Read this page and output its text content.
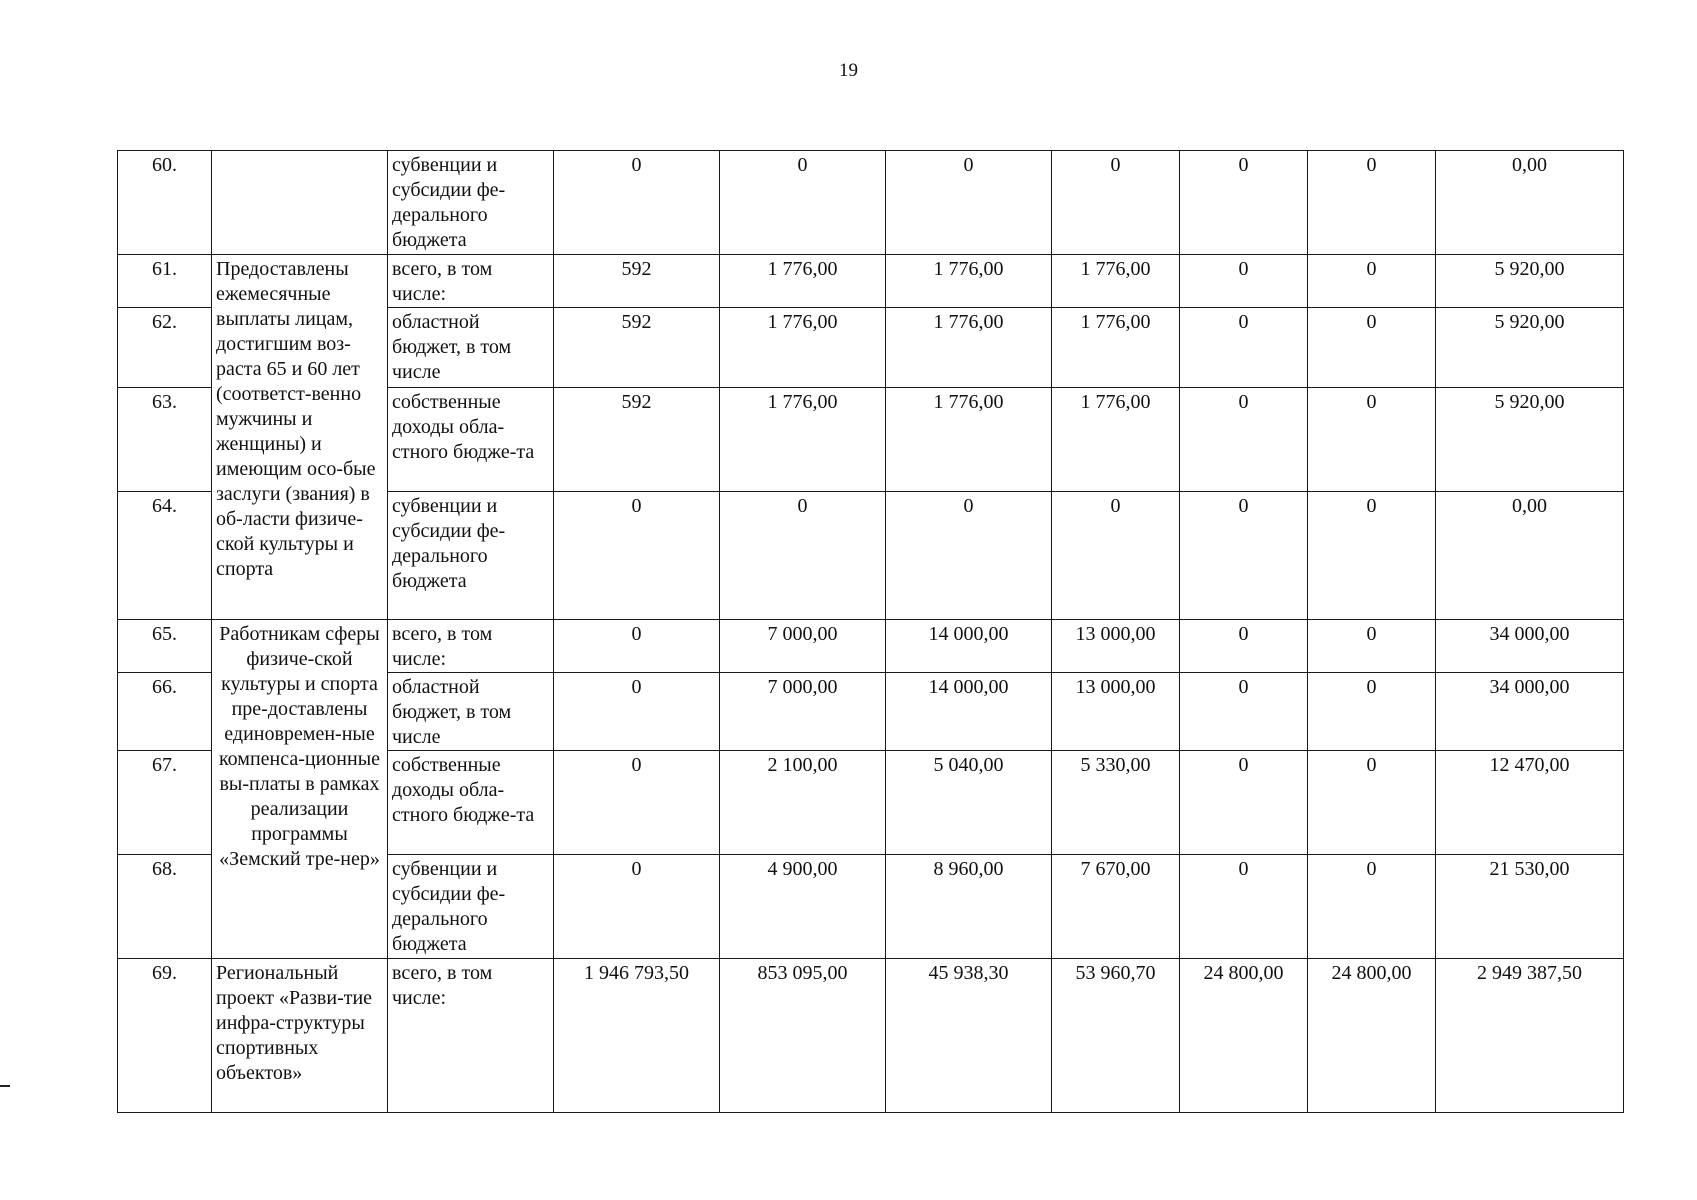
19
60.		субвенции и субсидии фе-дерального бюджета	0	0	0	0	0	0	0,00
61.	Предоставлены ежемесячные выплаты лицам, достигшим воз-раста 65 и 60 лет (соответст-венно мужчины и женщины) и имеющим осо-бые заслуги (звания) в об-ласти физиче-ской культуры и спорта	всего, в том числе:	592	1 776,00	1 776,00	1 776,00	0	0	5 920,00
62.		областной бюджет, в том числе	592	1 776,00	1 776,00	1 776,00	0	0	5 920,00
63.		собственные доходы обла-стного бюдже-та	592	1 776,00	1 776,00	1 776,00	0	0	5 920,00
64.		субвенции и субсидии фе-дерального бюджета	0	0	0	0	0	0	0,00
65.	Работникам сферы физиче-ской культуры и спорта пре-доставлены единовремен-ные компенса-ционные вы-платы в рамках реализации программы «Земский тре-нер»	всего, в том числе:	0	7 000,00	14 000,00	13 000,00	0	0	34 000,00
66.		областной бюджет, в том числе	0	7 000,00	14 000,00	13 000,00	0	0	34 000,00
67.		собственные доходы обла-стного бюдже-та	0	2 100,00	5 040,00	5 330,00	0	0	12 470,00
68.		субвенции и субсидии фе-дерального бюджета	0	4 900,00	8 960,00	7 670,00	0	0	21 530,00
69.	Региональный проект «Разви-тие инфра-структуры спортивных объектов»	всего, в том числе:	1 946 793,50	853 095,00	45 938,30	53 960,70	24 800,00	24 800,00	2 949 387,50
